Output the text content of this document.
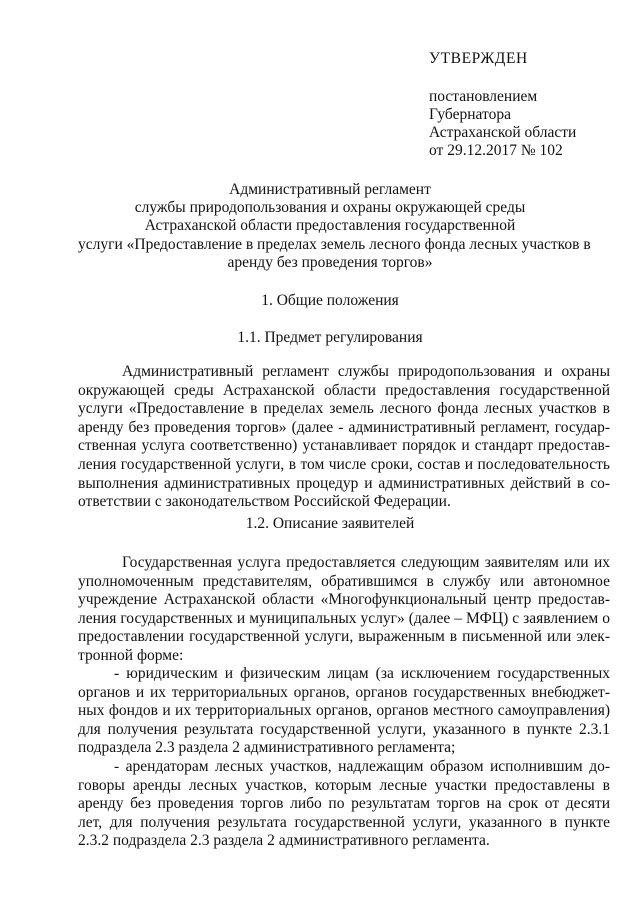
УТВЕРЖДЕН
постановлением
Губернатора
Астраханской области
от 29.12.2017 № 102
Административный регламент
службы природопользования и охраны окружающей среды
Астраханской области предоставления государственной
услуги «Предоставление в пределах земель лесного фонда лесных участков в
аренду без проведения торгов»
1. Общие положения
1.1. Предмет регулирования
Административный регламент службы природопользования и охраны
окружающей среды Астраханской области предоставления государственной
услуги «Предоставление в пределах земель лесного фонда лесных участков в
аренду без проведения торгов» (далее - административный регламент, государ-
ственная услуга соответственно) устанавливает порядок и стандарт предостав-
ления государственной услуги, в том числе сроки, состав и последовательность
выполнения административных процедур и административных действий в со-
ответствии с законодательством Российской Федерации.
1.2. Описание заявителей
Государственная услуга предоставляется следующим заявителям или их
уполномоченным представителям, обратившимся в службу или автономное
учреждение Астраханской области «Многофункциональный центр предостав-
ления государственных и муниципальных услуг» (далее – МФЦ) с заявлением о
предоставлении государственной услуги, выраженным в письменной или элек-
тронной форме:
- юридическим и физическим лицам (за исключением государственных
органов и их территориальных органов, органов государственных внебюджет-
ных фондов и их территориальных органов, органов местного самоуправления)
для получения результата государственной услуги, указанного в пункте 2.3.1
подраздела 2.3 раздела 2 административного регламента;
- арендаторам лесных участков, надлежащим образом исполнившим до-
говоры аренды лесных участков, которым лесные участки предоставлены в
аренду без проведения торгов либо по результатам торгов на срок от десяти
лет, для получения результата государственной услуги, указанного в пункте
2.3.2 подраздела 2.3 раздела 2 административного регламента.
